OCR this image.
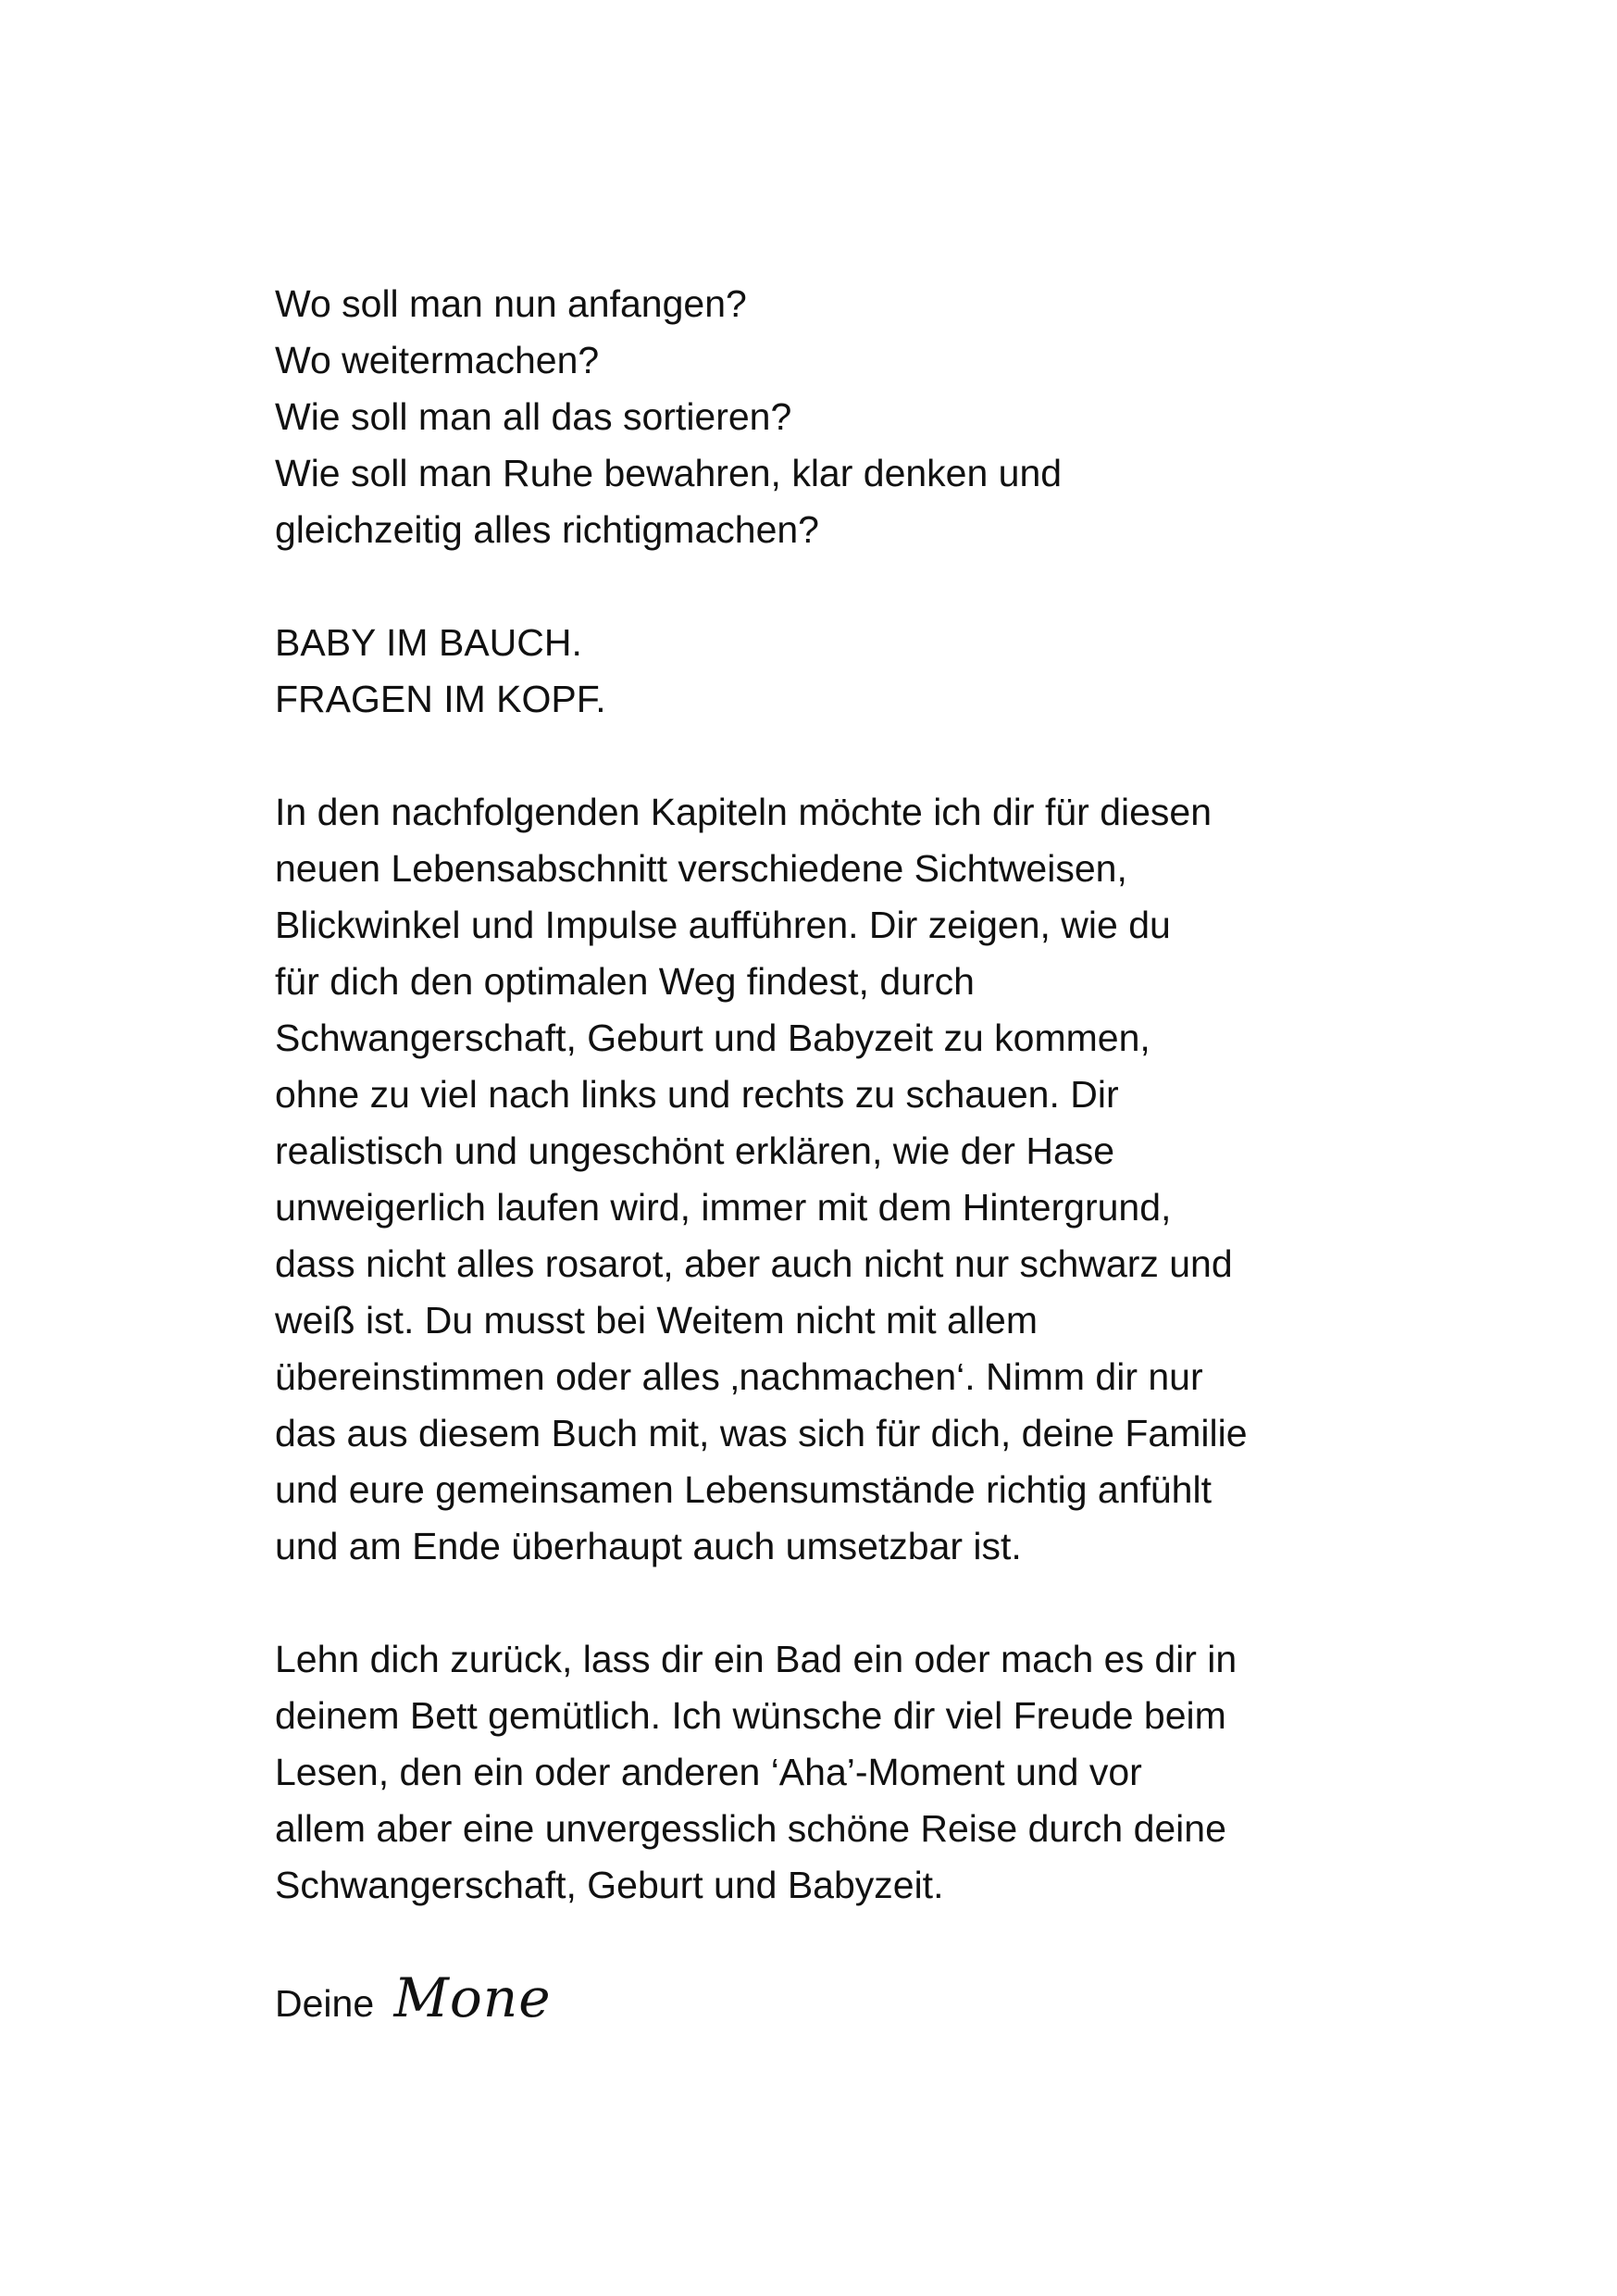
Wo soll man nun anfangen?
Wo weitermachen?
Wie soll man all das sortieren?
Wie soll man Ruhe bewahren, klar denken und
gleichzeitig alles richtigmachen?
BABY IM BAUCH.
FRAGEN IM KOPF.
In den nachfolgenden Kapiteln möchte ich dir für diesen
neuen Lebensabschnitt verschiedene Sichtweisen,
Blickwinkel und Impulse aufführen. Dir zeigen, wie du
für dich den optimalen Weg findest, durch
Schwangerschaft, Geburt und Babyzeit zu kommen,
ohne zu viel nach links und rechts zu schauen. Dir
realistisch und ungeschönt erklären, wie der Hase
unweigerlich laufen wird, immer mit dem Hintergrund,
dass nicht alles rosarot, aber auch nicht nur schwarz und
weiß ist. Du musst bei Weitem nicht mit allem
übereinstimmen oder alles ‚nachmachen‘. Nimm dir nur
das aus diesem Buch mit, was sich für dich, deine Familie
und eure gemeinsamen Lebensumstände richtig anfühlt
und am Ende überhaupt auch umsetzbar ist.
Lehn dich zurück, lass dir ein Bad ein oder mach es dir in
deinem Bett gemütlich. Ich wünsche dir viel Freude beim
Lesen, den ein oder anderen ‘Aha’-Moment und vor
allem aber eine unvergesslich schöne Reise durch deine
Schwangerschaft, Geburt und Babyzeit.
Deine Mone
